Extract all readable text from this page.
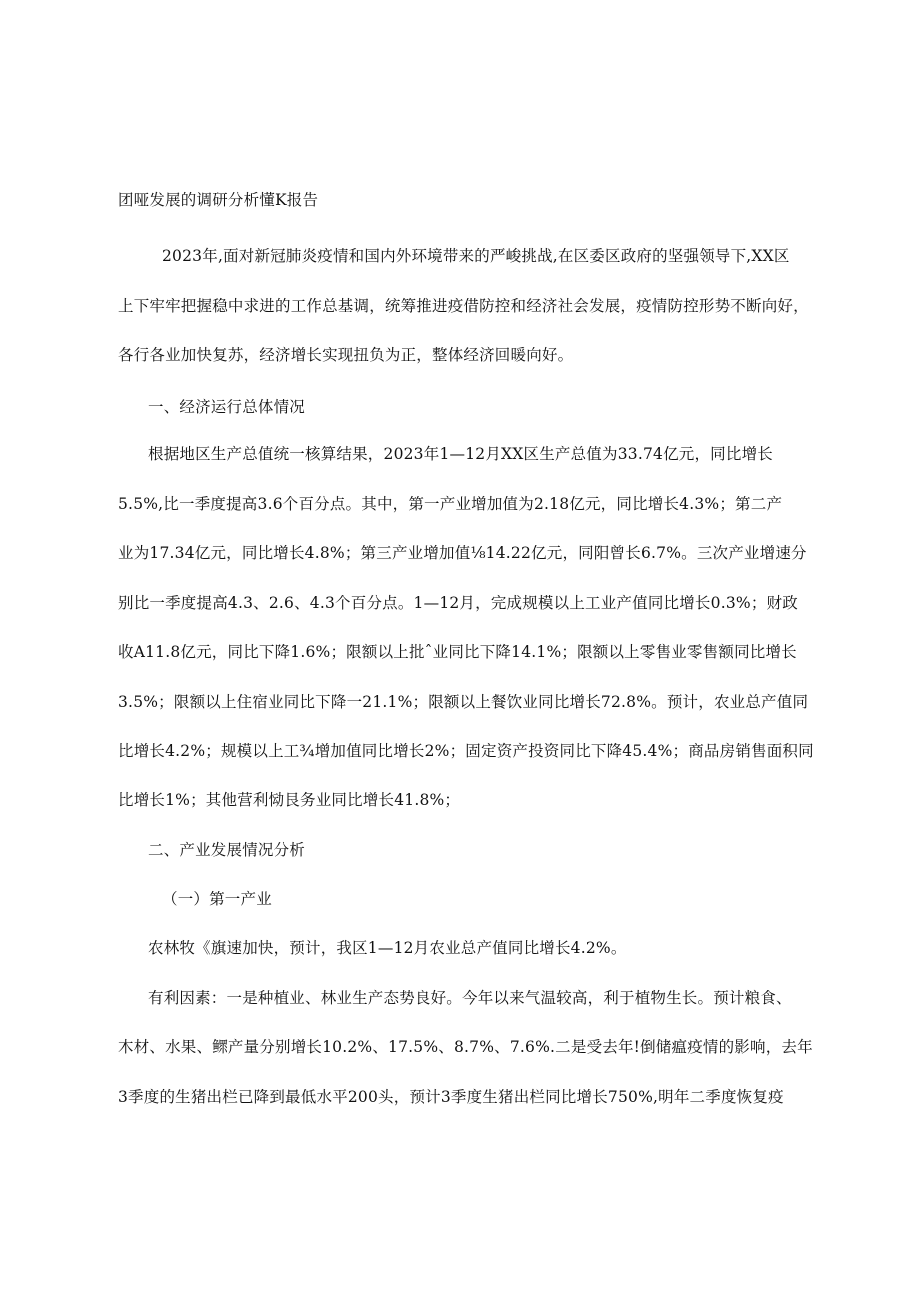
团哑发展的调研分析懂K报告
2023年,面对新冠肺炎疫情和国内外环境带来的严峻挑战,在区委区政府的坚强领导下,XX区
上下牢牢把握稳中求进的工作总基调，统筹推进疫借防控和经济社会发展，疫情防控形势不断向好，
各行各业加快复苏，经济增长实现扭负为正，整体经济回暖向好。
一、经济运行总体情况
根据地区生产总值统一核算结果，2023年1—12月XX区生产总值为33.74亿元，同比增长
5.5%,比一季度提高3.6个百分点。其中，第一产业增加值为2.18亿元，同比增长4.3%；第二产
业为17.34亿元，同比增长4.8%；第三产业增加值⅛14.22亿元，同阳曾长6.7%。三次产业增速分
别比一季度提高4.3、2.6、4.3个百分点。1—12月，完成规模以上工业产值同比增长0.3%；财政
收A11.8亿元，同比下降1.6%；限额以上批ˆ业同比下降14.1%；限额以上零售业零售额同比增长
3.5%；限额以上住宿业同比下降一21.1%；限额以上餐饮业同比增长72.8%。预计，农业总产值同
比增长4.2%；规模以上工¾增加值同比增长2%；固定资产投资同比下降45.4%；商品房销售面积同
比增长1%；其他营利恸艮务业同比增长41.8%；
二、产业发展情况分析
（一）第一产业
农林牧《旗速加快，预计，我区1—12月农业总产值同比增长4.2%。
有利因素：一是种植业、林业生产态势良好。今年以来气温较高，利于植物生长。预计粮食、
木材、水果、鳏产量分别增长10.2%、17.5%、8.7%、7.6%.二是受去年!倒储瘟疫情的影响，去年
3季度的生猪出栏已降到最低水平200头，预计3季度生猪出栏同比增长750%,明年二季度恢复疫
